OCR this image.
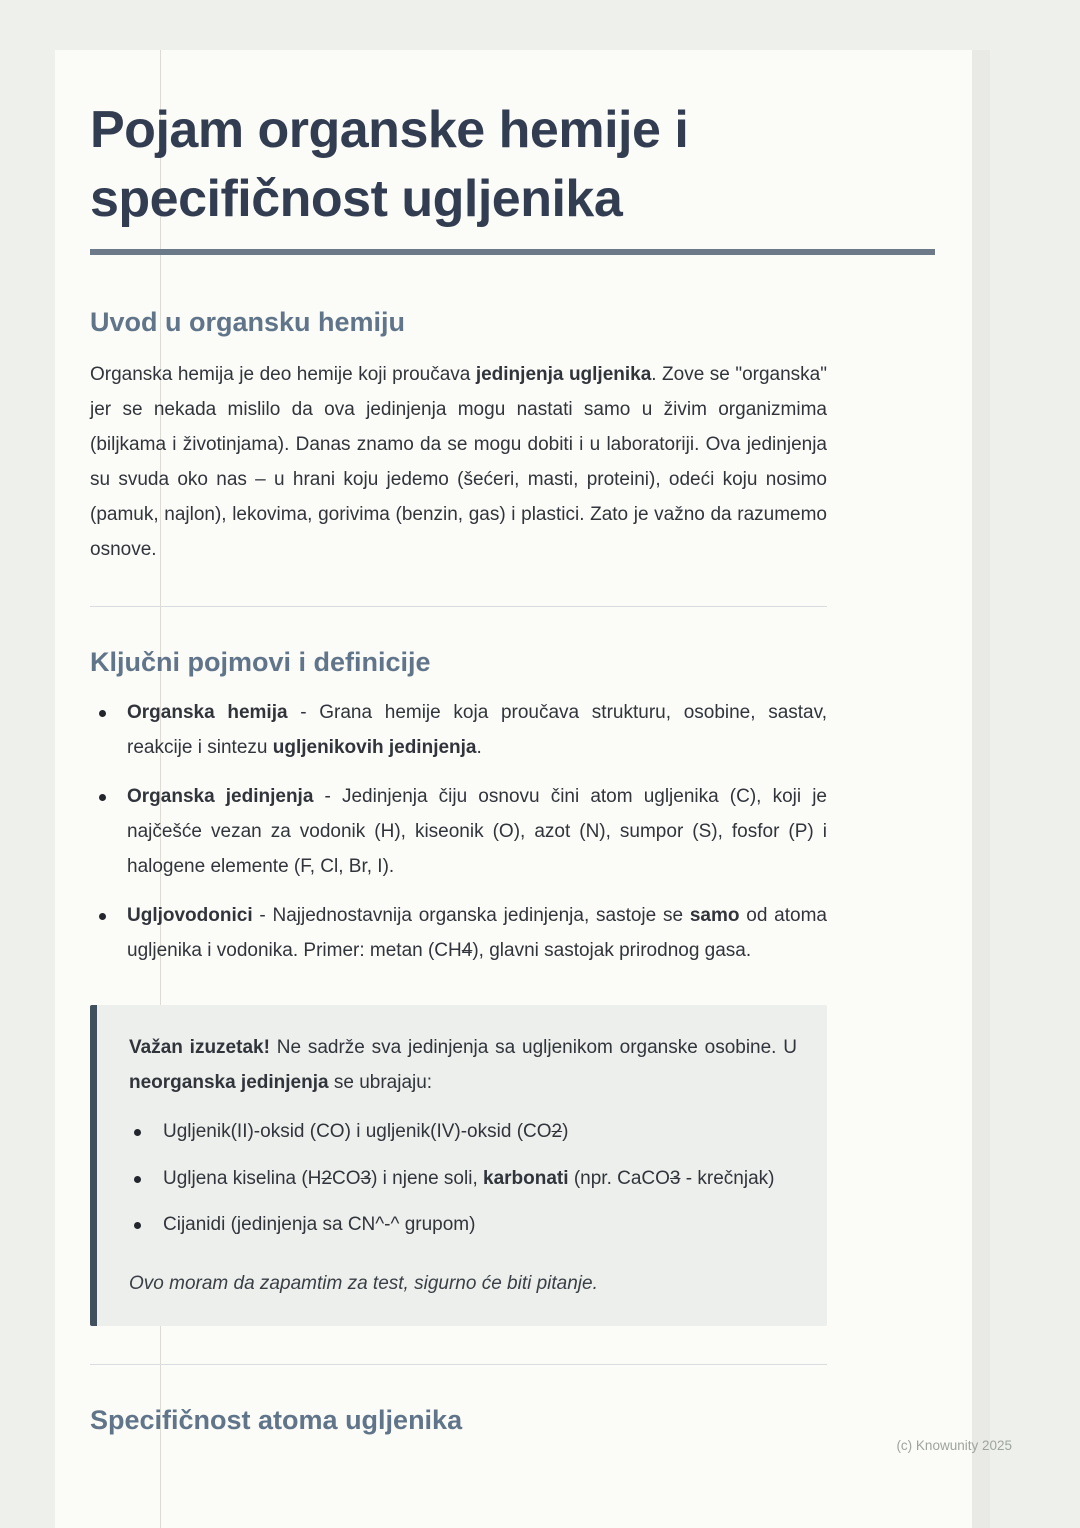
Pojam organske hemije i specifičnost ugljenika
Uvod u organsku hemiju

Organska hemija je deo hemije koji proučava jedinjenja ugljenika. Zove se "organska" jer se nekada mislilo da ova jedinjenja mogu nastati samo u živim organizmima (biljkama i životinjama). Danas znamo da se mogu dobiti i u laboratoriji. Ova jedinjenja su svuda oko nas – u hrani koju jedemo (šećeri, masti, proteini), odeći koju nosimo (pamuk, najlon), lekovima, gorivima (benzin, gas) i plastici. Zato je važno da razumemo osnove.

Ključni pojmovi i definicije
Organska hemija - Grana hemije koja proučava strukturu, osobine, sastav, reakcije i sintezu ugljenikovih jedinjenja.
Organska jedinjenja - Jedinjenja čiju osnovu čini atom ugljenika (C), koji je najčešće vezan za vodonik (H), kiseonik (O), azot (N), sumpor (S), fosfor (P) i halogene elemente (F, Cl, Br, I).
Ugljovodonici - Najjednostavnija organska jedinjenja, sastoje se samo od atoma ugljenika i vodonika. Primer: metan (CH4), glavni sastojak prirodnog gasa.

Važan izuzetak! Ne sadrže sva jedinjenja sa ugljenikom organske osobine. U neorganska jedinjenja se ubrajaju:

Ugljenik(II)-oksid (CO) i ugljenik(IV)-oksid (CO2)
Ugljena kiselina (H2CO3) i njene soli, karbonati (npr. CaCO3 - krečnjak)
Cijanidi (jedinjenja sa CN^-^ grupom)

Ovo moram da zapamtim za test, sigurno će biti pitanje.

Specifičnost atoma ugljenika
(c) Knowunity 2025
